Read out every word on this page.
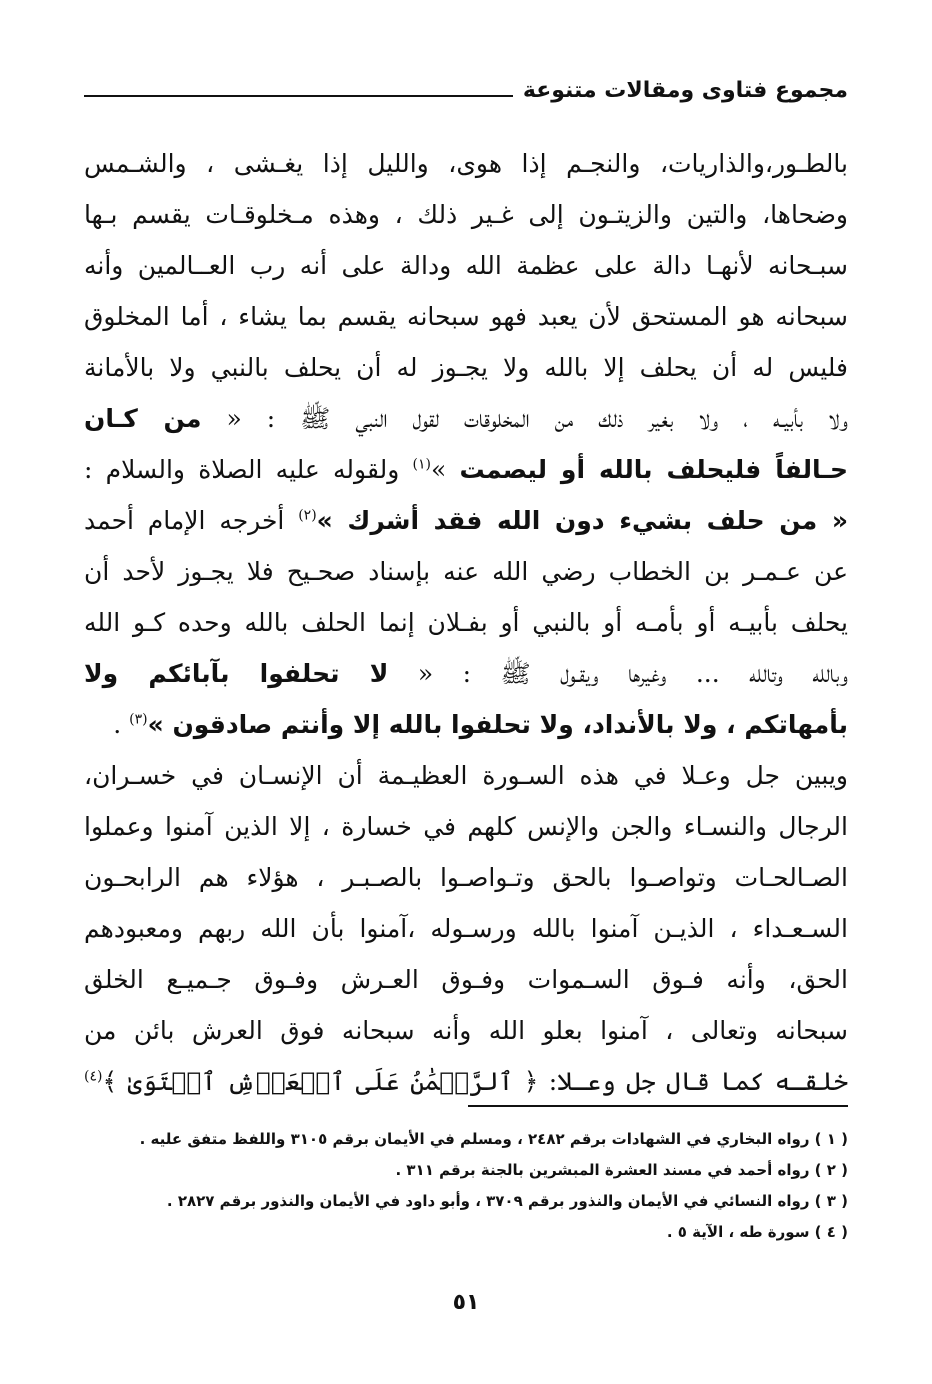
مجموع فتاوى ومقالات متنوعة
بالطـور،والذاريات، والنجـم إذا هوى، والليل إذا يغـشى ، والشـمس
وضحاها، والتين والزيتـون إلى غـير ذلك ، وهذه مـخلوقـات يقسم بـها
سبـحانه لأنهـا دالة على عظمة الله ودالة على أنه رب العــالمين وأنه
سبحانه هو المستحق لأن يعبد فهو سبحانه يقسم بما يشاء ، أما المخلوق
فليس له أن يحلف إلا بالله ولا يجـوز له أن يحلف بالنبي ولا بالأمانة
ولا بأبيـه ، ولا بغير ذلك من المخلوقات لقول النبي ﷺ : « من كـان
حـالفاً فليحلف بالله أو ليصمت »$^{(١)}$ ولقوله عليه الصلاة والسلام :
« من حلف بشيء دون الله فقد أشرك »$^{(٢)}$ أخرجه الإمام أحمد
عن عـمـر بن الخطاب رضي الله عنه بإسناد صحـيح فلا يجـوز لأحد أن
يحلف بأبيـه أو بأمـه أو بالنبي أو بفـلان إنما الحلف بالله وحده كـو الله
وبالله وتالله ... وغيرها ويقـول ﷺ : « لا تحلفوا بآبائكم ولا
بأمهاتكم ، ولا بالأنداد، ولا تحلفوا بالله إلا وأنتم صادقون »$^{(٣)}$ .
ويبين جل وعـلا في هذه السـورة العظيـمة أن الإنسـان في خسـران،
الرجال والنسـاء والجن والإنس كلهم في خسارة ، إلا الذين آمنوا وعملوا
الصـالحـات وتواصـوا بالحق وتـواصـوا بالصـبـر ، هؤلاء هم الرابحـون
السـعـداء ، الذيـن آمنوا بالله ورسـوله ،آمنوا بأن الله ربهم ومعبودهم
الحق، وأنه فـوق السـموات وفـوق العـرش وفـوق جـميـع الخلق
سبحانه وتعالى ، آمنوا بعلو الله وأنه سبحانه فوق العرش بائن من
خلقـه كما قال جل وعـلا: ﴿ ٱلرَّحۡمَٰنُ عَلَى ٱلۡعَرۡشِ ٱسۡتَوَىٰ ﴾$^{(٤)}$
( ١ ) رواه البخاري في الشهادات برقم ٢٤٨٢ ، ومسلم في الأيمان برقم ٣١٠٥ واللفظ متفق عليه .
( ٢ ) رواه أحمد في مسند العشرة المبشرين بالجنة برقم ٣١١ .
( ٣ ) رواه النسائي في الأيمان والنذور برقم ٣٧٠٩ ، وأبو داود في الأيمان والنذور برقم ٢٨٢٧ .
( ٤ ) سورة طه ، الآية ٥ .
٥١
